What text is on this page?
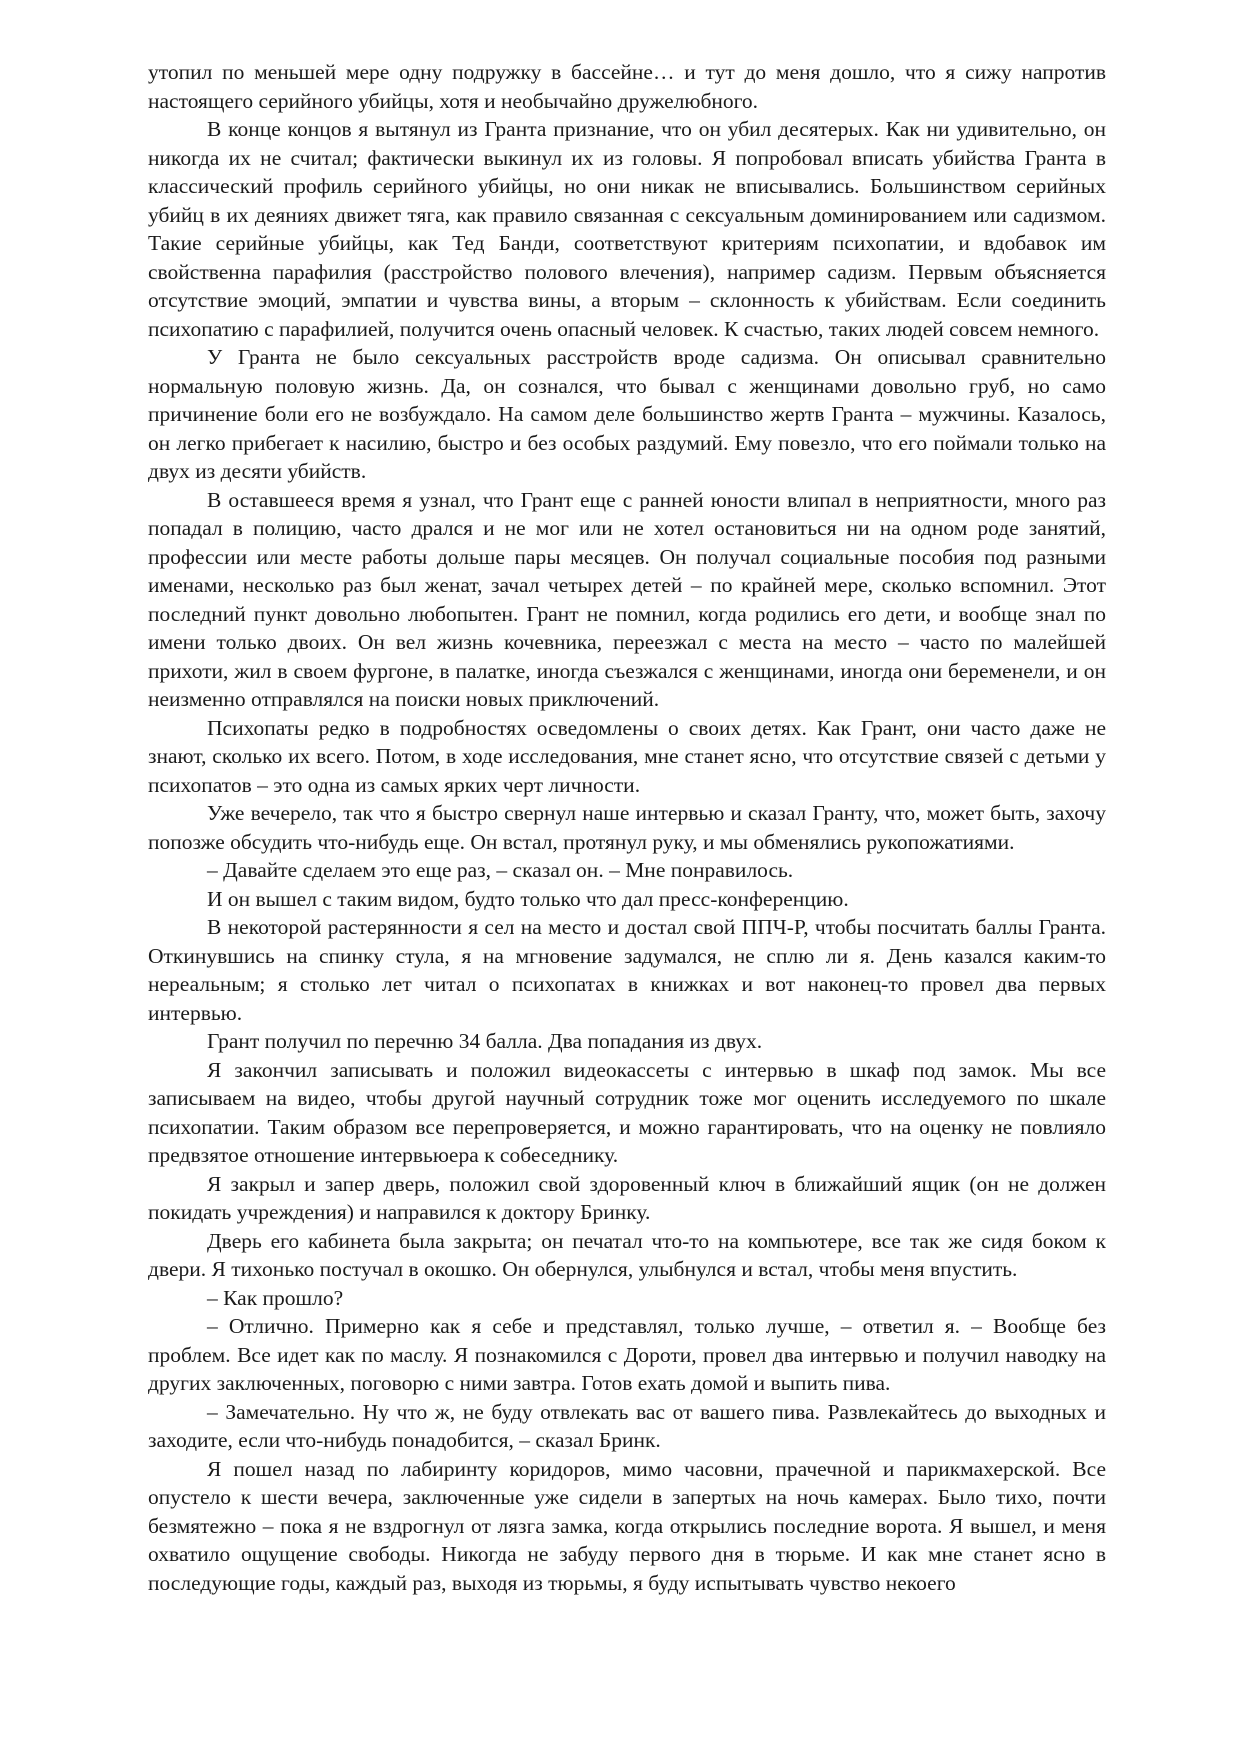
утопил по меньшей мере одну подружку в бассейне… и тут до меня дошло, что я сижу напротив настоящего серийного убийцы, хотя и необычайно дружелюбного.

В конце концов я вытянул из Гранта признание, что он убил десятерых. Как ни удивительно, он никогда их не считал; фактически выкинул их из головы. Я попробовал вписать убийства Гранта в классический профиль серийного убийцы, но они никак не вписывались. Большинством серийных убийц в их деяниях движет тяга, как правило связанная с сексуальным доминированием или садизмом. Такие серийные убийцы, как Тед Банди, соответствуют критериям психопатии, и вдобавок им свойственна парафилия (расстройство полового влечения), например садизм. Первым объясняется отсутствие эмоций, эмпатии и чувства вины, а вторым – склонность к убийствам. Если соединить психопатию с парафилией, получится очень опасный человек. К счастью, таких людей совсем немного.

У Гранта не было сексуальных расстройств вроде садизма. Он описывал сравнительно нормальную половую жизнь. Да, он сознался, что бывал с женщинами довольно груб, но само причинение боли его не возбуждало. На самом деле большинство жертв Гранта – мужчины. Казалось, он легко прибегает к насилию, быстро и без особых раздумий. Ему повезло, что его поймали только на двух из десяти убийств.

В оставшееся время я узнал, что Грант еще с ранней юности влипал в неприятности, много раз попадал в полицию, часто дрался и не мог или не хотел остановиться ни на одном роде занятий, профессии или месте работы дольше пары месяцев. Он получал социальные пособия под разными именами, несколько раз был женат, зачал четырех детей – по крайней мере, сколько вспомнил. Этот последний пункт довольно любопытен. Грант не помнил, когда родились его дети, и вообще знал по имени только двоих. Он вел жизнь кочевника, переезжал с места на место – часто по малейшей прихоти, жил в своем фургоне, в палатке, иногда съезжался с женщинами, иногда они беременели, и он неизменно отправлялся на поиски новых приключений.

Психопаты редко в подробностях осведомлены о своих детях. Как Грант, они часто даже не знают, сколько их всего. Потом, в ходе исследования, мне станет ясно, что отсутствие связей с детьми у психопатов – это одна из самых ярких черт личности.

Уже вечерело, так что я быстро свернул наше интервью и сказал Гранту, что, может быть, захочу попозже обсудить что-нибудь еще. Он встал, протянул руку, и мы обменялись рукопожатиями.

– Давайте сделаем это еще раз, – сказал он. – Мне понравилось.

И он вышел с таким видом, будто только что дал пресс-конференцию.

В некоторой растерянности я сел на место и достал свой ППЧ-Р, чтобы посчитать баллы Гранта. Откинувшись на спинку стула, я на мгновение задумался, не сплю ли я. День казался каким-то нереальным; я столько лет читал о психопатах в книжках и вот наконец-то провел два первых интервью.

Грант получил по перечню 34 балла. Два попадания из двух.

Я закончил записывать и положил видеокассеты с интервью в шкаф под замок. Мы все записываем на видео, чтобы другой научный сотрудник тоже мог оценить исследуемого по шкале психопатии. Таким образом все перепроверяется, и можно гарантировать, что на оценку не повлияло предвзятое отношение интервьюера к собеседнику.

Я закрыл и запер дверь, положил свой здоровенный ключ в ближайший ящик (он не должен покидать учреждения) и направился к доктору Бринку.

Дверь его кабинета была закрыта; он печатал что-то на компьютере, все так же сидя боком к двери. Я тихонько постучал в окошко. Он обернулся, улыбнулся и встал, чтобы меня впустить.

– Как прошло?

– Отлично. Примерно как я себе и представлял, только лучше, – ответил я. – Вообще без проблем. Все идет как по маслу. Я познакомился с Дороти, провел два интервью и получил наводку на других заключенных, поговорю с ними завтра. Готов ехать домой и выпить пива.

– Замечательно. Ну что ж, не буду отвлекать вас от вашего пива. Развлекайтесь до выходных и заходите, если что-нибудь понадобится, – сказал Бринк.

Я пошел назад по лабиринту коридоров, мимо часовни, прачечной и парикмахерской. Все опустело к шести вечера, заключенные уже сидели в запертых на ночь камерах. Было тихо, почти безмятежно – пока я не вздрогнул от лязга замка, когда открылись последние ворота. Я вышел, и меня охватило ощущение свободы. Никогда не забуду первого дня в тюрьме. И как мне станет ясно в последующие годы, каждый раз, выходя из тюрьмы, я буду испытывать чувство некоего
